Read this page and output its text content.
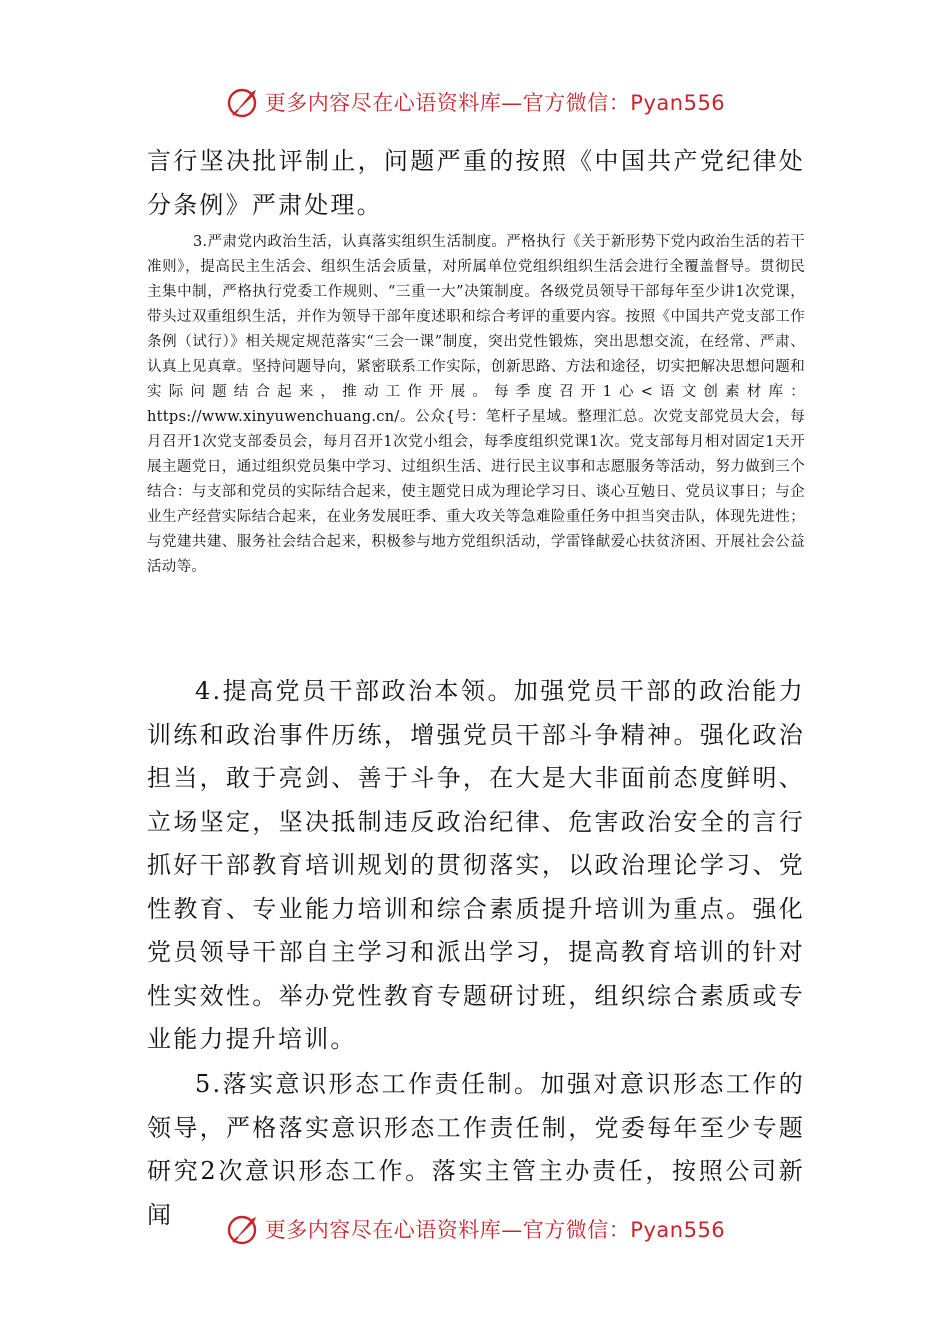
更多内容尽在心语资料库—官方微信：Pyan556

言行坚决批评制止，问题严重的按照《中国共产党纪律处分条例》严肃处理。

3.严肃党内政治生活，认真落实组织生活制度。严格执行《关于新形势下党内政治生活的若干准则》，提高民主生活会、组织生活会质量，对所属单位党组织组织生活会进行全覆盖督导。贯彻民主集中制，严格执行党委工作规则、“三重一大”决策制度。各级党员领导干部每年至少讲1次党课，带头过双重组织生活，并作为领导干部年度述职和综合考评的重要内容。按照《中国共产党支部工作条例（试行）》相关规定规范落实“三会一课”制度，突出党性锻炼，突出思想交流，在经常、严肃、认真上见真章。坚持问题导向，紧密联系工作实际，创新思路、方法和途径，切实把解决思想问题和实际问题结合起来，推动工作开展。每季度召开1心<语文创素材库：https://www.xinyuwenchuang.cn/。公众{号：笔杆子星域。整理汇总。次党支部党员大会，每月召开1次党支部委员会，每月召开1次党小组会，每季度组织党课1次。党支部每月相对固定1天开展主题党日，通过组织党员集中学习、过组织生活、进行民主议事和志愿服务等活动，努力做到三个结合：与支部和党员的实际结合起来，使主题党日成为理论学习日、谈心互勉日、党员议事日；与企业生产经营实际结合起来，在业务发展旺季、重大攻关等急难险重任务中担当突击队，体现先进性；与党建共建、服务社会结合起来，积极参与地方党组织活动，学雷锋献爱心扶贫济困、开展社会公益活动等。

4.提高党员干部政治本领。加强党员干部的政治能力训练和政治事件历练，增强党员干部斗争精神。强化政治担当，敢于亮剑、善于斗争，在大是大非面前态度鲜明、立场坚定，坚决抵制违反政治纪律、危害政治安全的言行抓好干部教育培训规划的贯彻落实，以政治理论学习、党性教育、专业能力培训和综合素质提升培训为重点。强化党员领导干部自主学习和派出学习，提高教育培训的针对性实效性。举办党性教育专题研讨班，组织综合素质或专业能力提升培训。

5.落实意识形态工作责任制。加强对意识形态工作的领导，严格落实意识形态工作责任制，党委每年至少专题研究2次意识形态工作。落实主管主办责任，按照公司新闻

更多内容尽在心语资料库—官方微信：Pyan556
